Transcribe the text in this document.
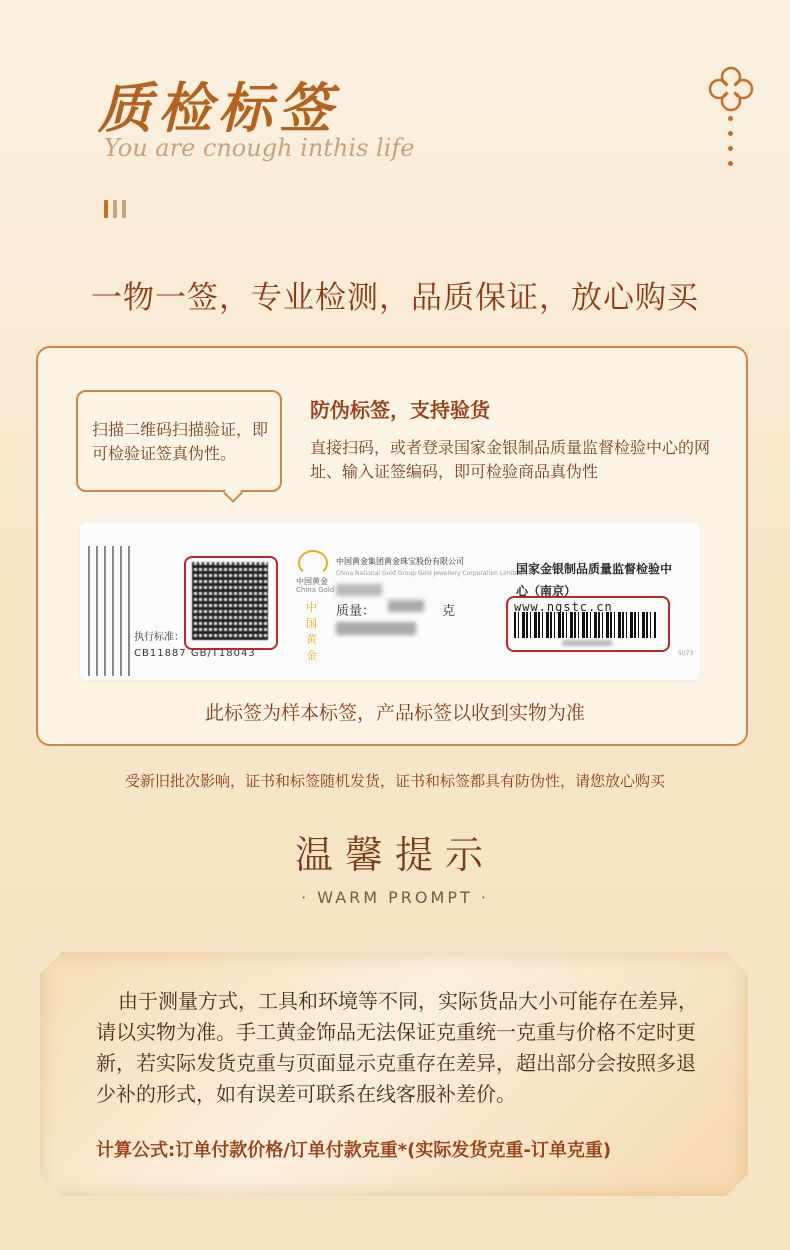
质检标签
You are cnough inthis life
一物一签，专业检测，品质保证，放心购买
扫描二维码扫描验证，即可检验证签真伪性。
防伪标签，支持验货
直接扫码，或者登录国家金银制品质量监督检验中心的网址、输入证签编码，即可检验商品真伪性
执行标准：
CB11887 GB/T18043
中国黄金
China Gold
中国黄金
中国黄金集团黄金珠宝股份有限公司
China National Gold Group Gold Jewellery Corporation Limited
质量：	克
国家金银制品质量监督检验中心（南京）
www.ngstc.cn
5073
此标签为样本标签，产品标签以收到实物为准
受新旧批次影响，证书和标签随机发货，证书和标签都具有防伪性，请您放心购买
温馨提示
· WARM PROMPT ·
由于测量方式，工具和环境等不同，实际货品大小可能存在差异，请以实物为准。手工黄金饰品无法保证克重统一克重与价格不定时更新，若实际发货克重与页面显示克重存在差异，超出部分会按照多退少补的形式，如有误差可联系在线客服补差价。
计算公式:订单付款价格/订单付款克重*(实际发货克重-订单克重)
